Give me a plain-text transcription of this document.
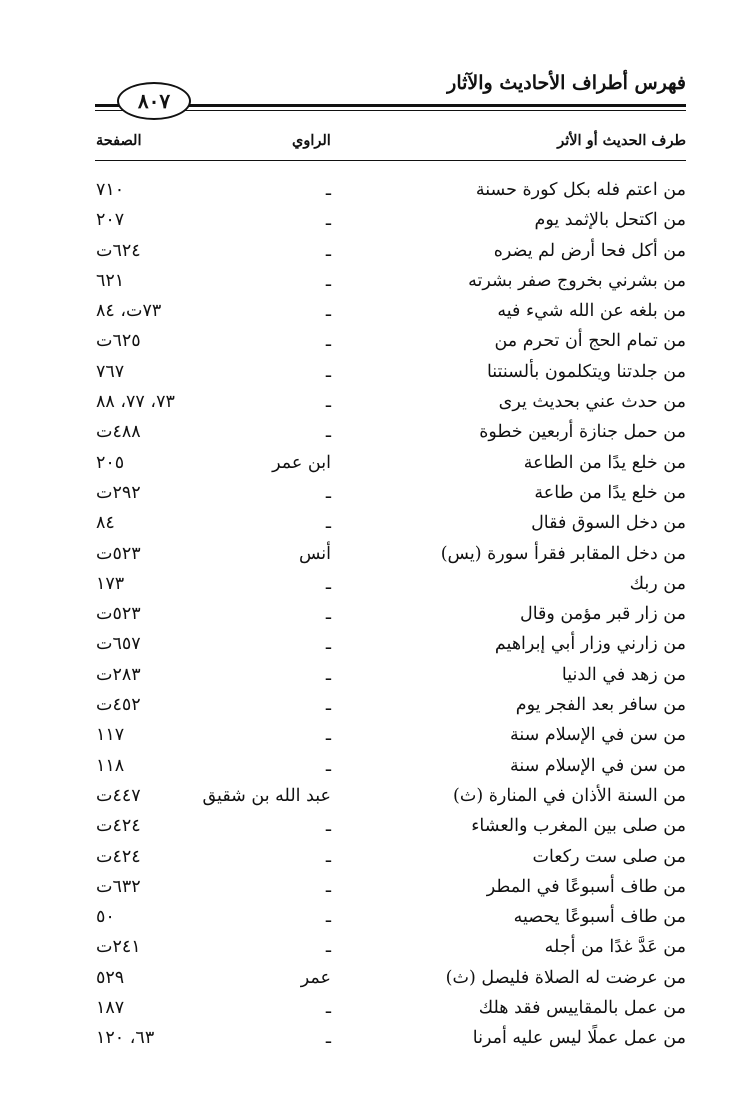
فهرس أطراف الأحاديث والآثار
٨٠٧
طرف الحديث أو الأثر
الراوي
الصفحة
من اعتم فله بكل كورة حسنة
ـ
٧١٠
من اكتحل بالإثمد يوم
ـ
٢٠٧
من أكل فحا أرض لم يضره
ـ
٦٢٤ت
من بشرني بخروج صفر بشرته
ـ
٦٢١
من بلغه عن الله شيء فيه
ـ
٧٣ت، ٨٤
من تمام الحج أن تحرم من
ـ
٦٢٥ت
من جلدتنا ويتكلمون بألسنتنا
ـ
٧٦٧
من حدث عني بحديث يرى
ـ
٧٣، ٧٧، ٨٨
من حمل جنازة أربعين خطوة
ـ
٤٨٨ت
من خلع يدًا من الطاعة
ابن عمر
٢٠٥
من خلع يدًا من طاعة
ـ
٢٩٢ت
من دخل السوق فقال
ـ
٨٤
من دخل المقابر فقرأ سورة (يس)
أنس
٥٢٣ت
من ربك
ـ
١٧٣
من زار قبر مؤمن وقال
ـ
٥٢٣ت
من زارني وزار أبي إبراهيم
ـ
٦٥٧ت
من زهد في الدنيا
ـ
٢٨٣ت
من سافر بعد الفجر يوم
ـ
٤٥٢ت
من سن في الإسلام سنة
ـ
١١٧
من سن في الإسلام سنة
ـ
١١٨
من السنة الأذان في المنارة (ث)
عبد الله بن شقيق
٤٤٧ت
من صلى بين المغرب والعشاء
ـ
٤٢٤ت
من صلى ست ركعات
ـ
٤٢٤ت
من طاف أسبوعًا في المطر
ـ
٦٣٢ت
من طاف أسبوعًا يحصيه
ـ
٥٠
من عَدَّ غدًا من أجله
ـ
٢٤١ت
من عرضت له الصلاة فليصل (ث)
عمر
٥٢٩
من عمل بالمقاييس فقد هلك
ـ
١٨٧
من عمل عملًا ليس عليه أمرنا
ـ
٦٣، ١٢٠
